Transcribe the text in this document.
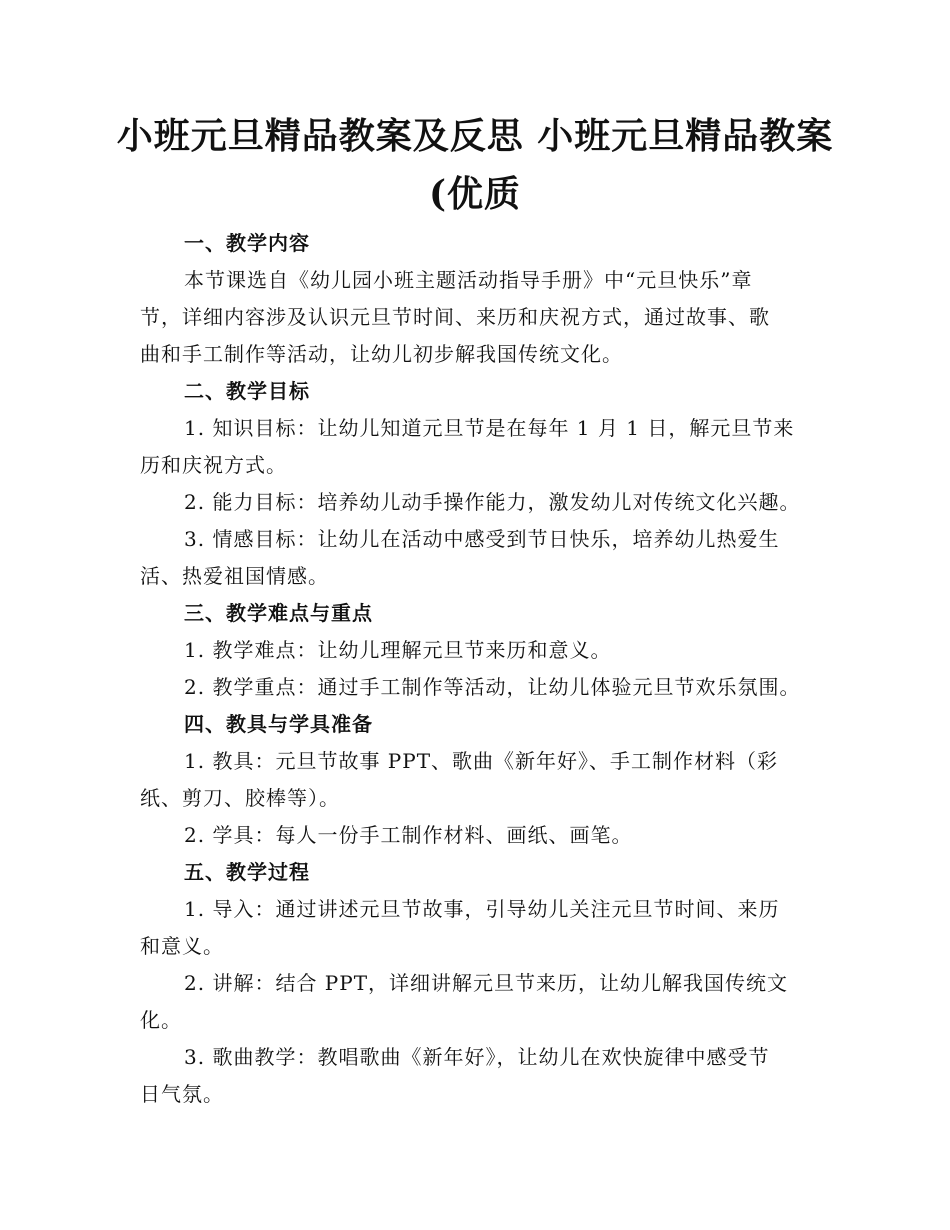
小班元旦精品教案及反思 小班元旦精品教案
(优质
一、教学内容
本节课选自《幼儿园小班主题活动指导手册》中“元旦快乐”章
节，详细内容涉及认识元旦节时间、来历和庆祝方式，通过故事、歌
曲和手工制作等活动，让幼儿初步解我国传统文化。
二、教学目标
1. 知识目标：让幼儿知道元旦节是在每年 1 月 1 日，解元旦节来
历和庆祝方式。
2. 能力目标：培养幼儿动手操作能力，激发幼儿对传统文化兴趣。
3. 情感目标：让幼儿在活动中感受到节日快乐，培养幼儿热爱生
活、热爱祖国情感。
三、教学难点与重点
1. 教学难点：让幼儿理解元旦节来历和意义。
2. 教学重点：通过手工制作等活动，让幼儿体验元旦节欢乐氛围。
四、教具与学具准备
1. 教具：元旦节故事 PPT、歌曲《新年好》、手工制作材料（彩
纸、剪刀、胶棒等）。
2. 学具：每人一份手工制作材料、画纸、画笔。
五、教学过程
1. 导入：通过讲述元旦节故事，引导幼儿关注元旦节时间、来历
和意义。
2. 讲解：结合 PPT，详细讲解元旦节来历，让幼儿解我国传统文
化。
3. 歌曲教学：教唱歌曲《新年好》，让幼儿在欢快旋律中感受节
日气氛。
